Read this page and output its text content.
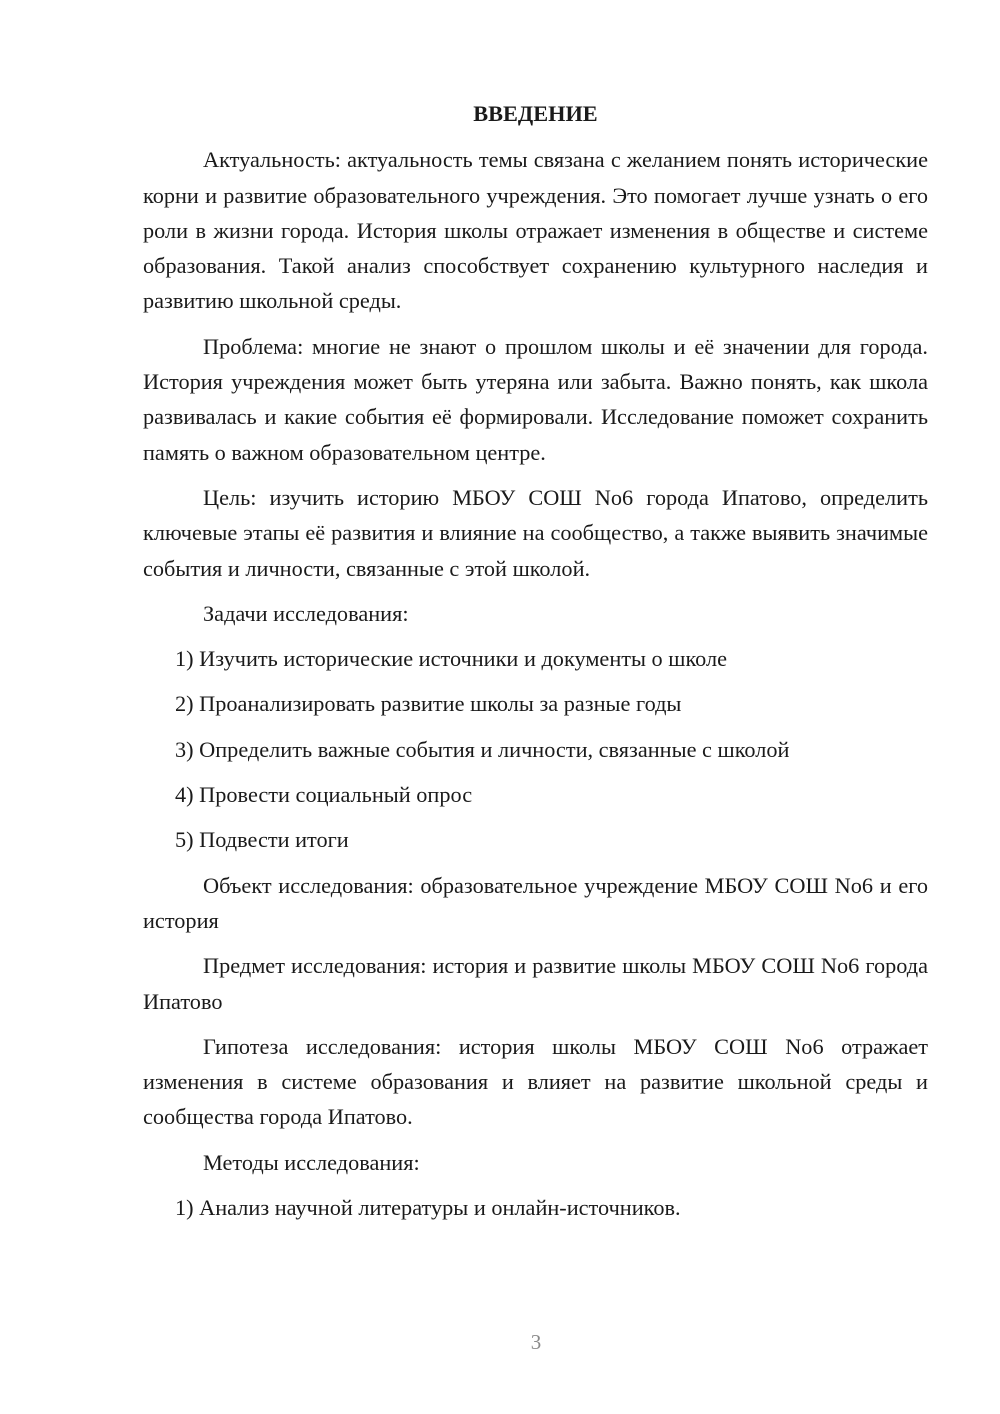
ВВЕДЕНИЕ

Актуальность: актуальность темы связана с желанием понять исторические корни и развитие образовательного учреждения. Это помогает лучше узнать о его роли в жизни города. История школы отражает изменения в обществе и системе образования. Такой анализ способствует сохранению культурного наследия и развитию школьной среды.

Проблема: многие не знают о прошлом школы и её значении для города. История учреждения может быть утеряна или забыта. Важно понять, как школа развивалась и какие события её формировали. Исследование поможет сохранить память о важном образовательном центре.

Цель: изучить историю МБОУ СОШ No6 города Ипатово, определить ключевые этапы её развития и влияние на сообщество, а также выявить значимые события и личности, связанные с этой школой.

Задачи исследования:

1) Изучить исторические источники и документы о школе
2) Проанализировать развитие школы за разные годы
3) Определить важные события и личности, связанные с школой
4) Провести социальный опрос
5) Подвести итоги

Объект исследования: образовательное учреждение МБОУ СОШ No6 и его история

Предмет исследования: история и развитие школы МБОУ СОШ No6 города Ипатово

Гипотеза исследования: история школы МБОУ СОШ No6 отражает изменения в системе образования и влияет на развитие школьной среды и сообщества города Ипатово.

Методы исследования:

1) Анализ научной литературы и онлайн-источников.
3
